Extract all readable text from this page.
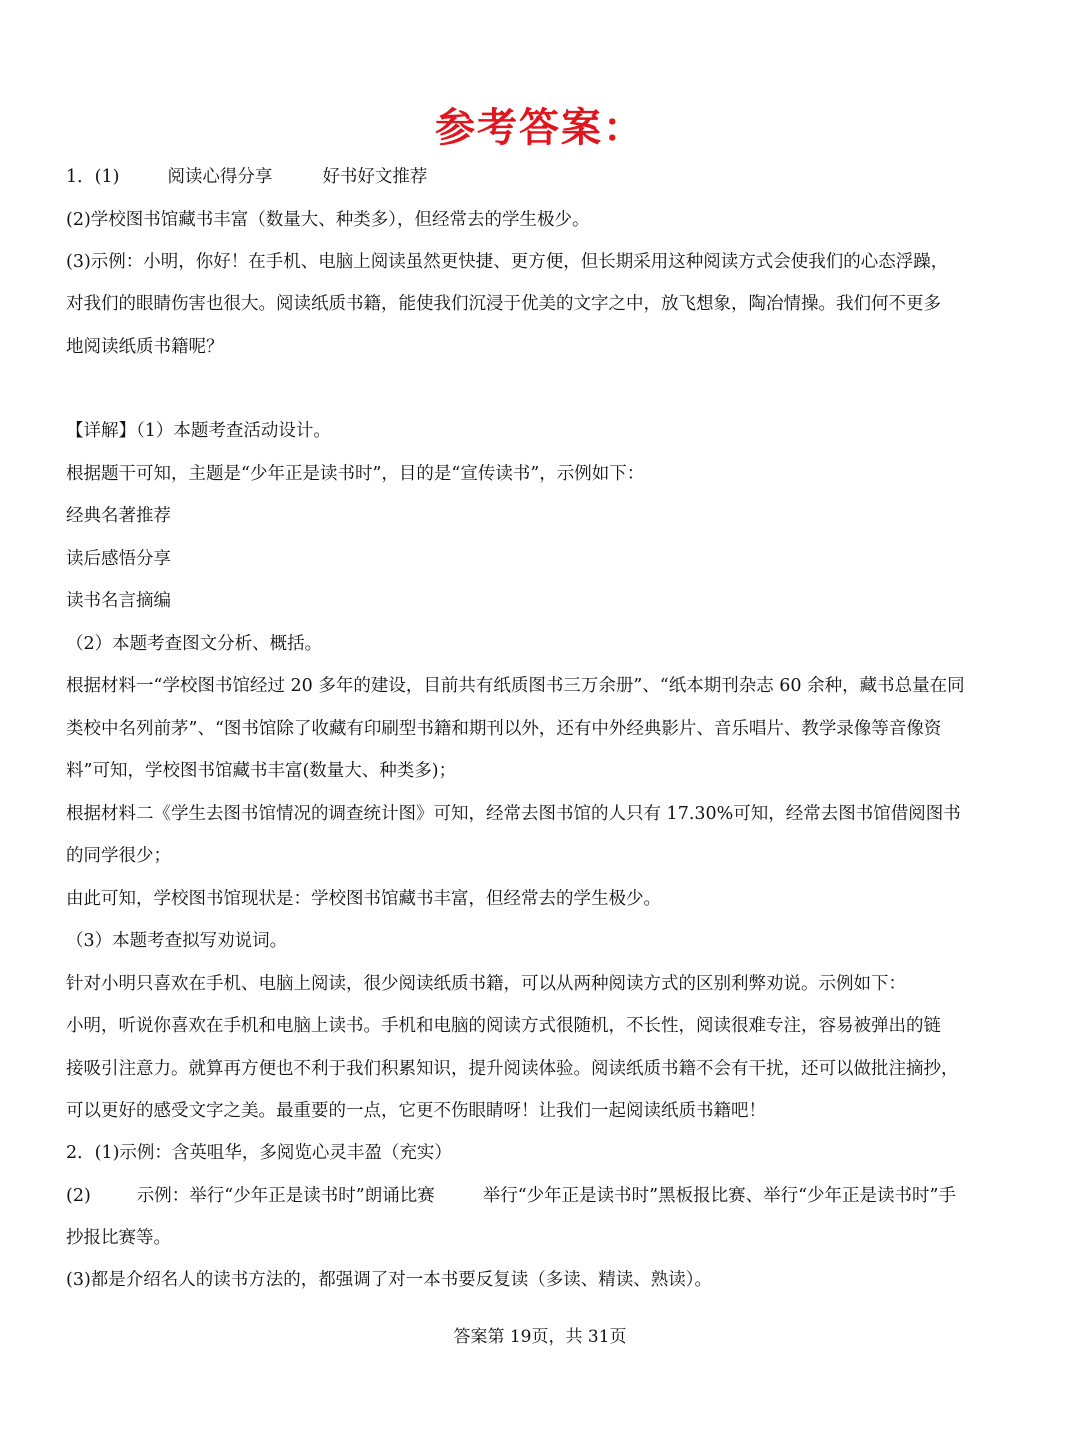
参考答案：
1．(1)	阅读心得分享	好书好文推荐
(2)学校图书馆藏书丰富（数量大、种类多），但经常去的学生极少。
(3)示例：小明，你好！在手机、电脑上阅读虽然更快捷、更方便，但长期采用这种阅读方式会使我们的心态浮躁，
对我们的眼睛伤害也很大。阅读纸质书籍，能使我们沉浸于优美的文字之中，放飞想象，陶冶情操。我们何不更多
地阅读纸质书籍呢？
【详解】（1）本题考查活动设计。
根据题干可知，主题是“少年正是读书时”，目的是“宣传读书”，示例如下：
经典名著推荐
读后感悟分享
读书名言摘编
（2）本题考查图文分析、概括。
根据材料一“学校图书馆经过 20 多年的建设，目前共有纸质图书三万余册”、“纸本期刊杂志 60 余种，藏书总量在同
类校中名列前茅”、“图书馆除了收藏有印刷型书籍和期刊以外，还有中外经典影片、音乐唱片、教学录像等音像资
料”可知，学校图书馆藏书丰富(数量大、种类多)；
根据材料二《学生去图书馆情况的调查统计图》可知，经常去图书馆的人只有 17.30%可知，经常去图书馆借阅图书
的同学很少；
由此可知，学校图书馆现状是：学校图书馆藏书丰富，但经常去的学生极少。
（3）本题考查拟写劝说词。
针对小明只喜欢在手机、电脑上阅读，很少阅读纸质书籍，可以从两种阅读方式的区别利弊劝说。示例如下：
小明，听说你喜欢在手机和电脑上读书。手机和电脑的阅读方式很随机，不长性，阅读很难专注，容易被弹出的链
接吸引注意力。就算再方便也不利于我们积累知识，提升阅读体验。阅读纸质书籍不会有干扰，还可以做批注摘抄，
可以更好的感受文字之美。最重要的一点，它更不伤眼睛呀！让我们一起阅读纸质书籍吧！
2．(1)示例：含英咀华，多阅览心灵丰盈（充实）
(2)	示例：举行“少年正是读书时”朗诵比赛	举行“少年正是读书时”黑板报比赛、举行“少年正是读书时”手
抄报比赛等。
(3)都是介绍名人的读书方法的，都强调了对一本书要反复读（多读、精读、熟读）。
答案第 19页，共 31页
